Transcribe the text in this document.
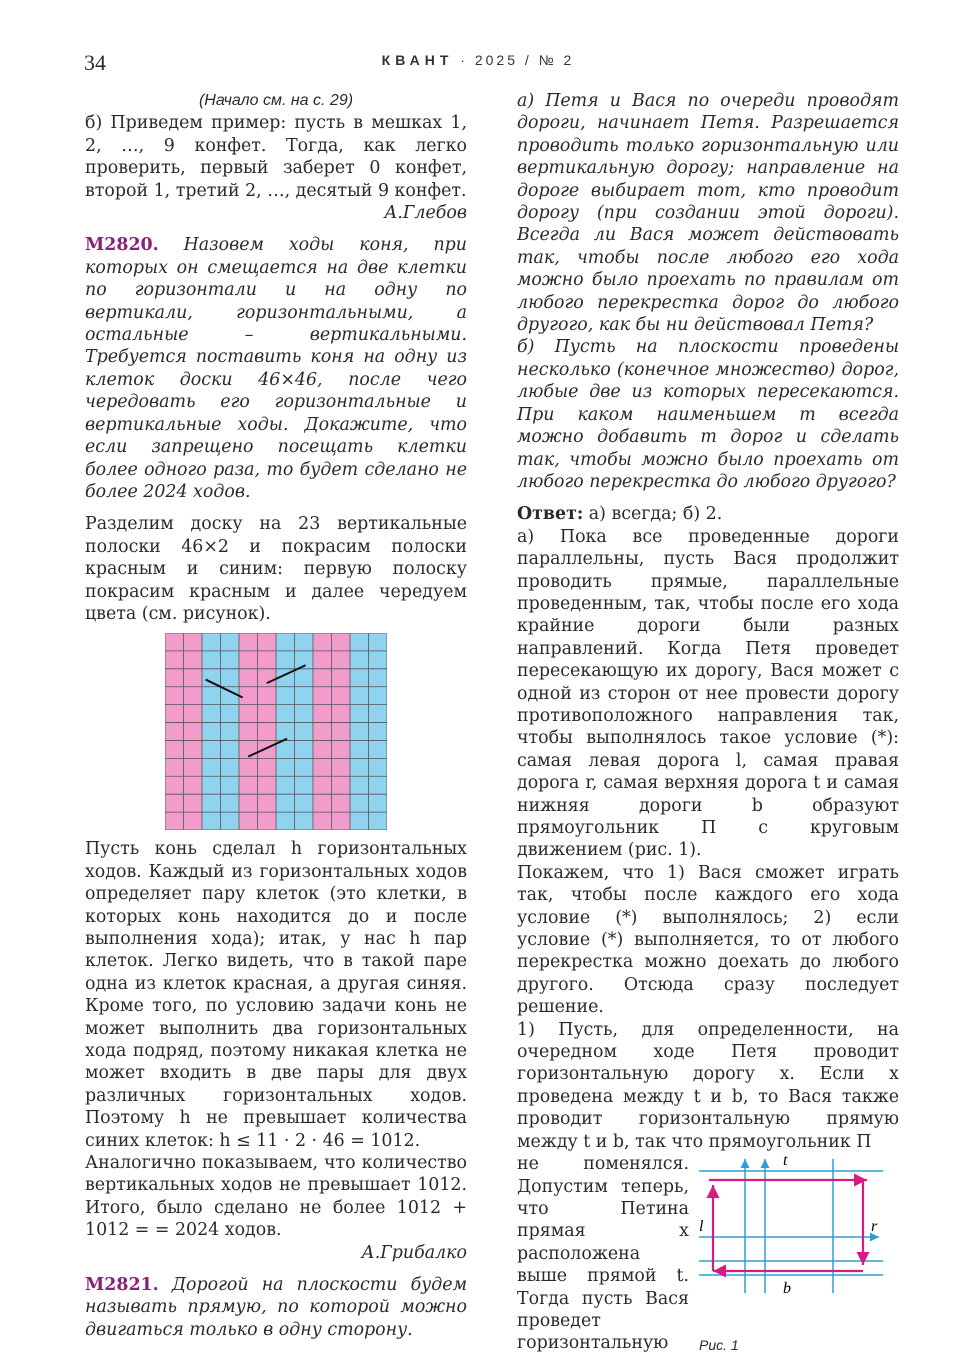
34	КВАНТ · 2025 / № 2

(Начало см. на с. 29)

б) Приведем пример: пусть в мешках 1, 2, …, 9 конфет. Тогда, как легко проверить, первый заберет 0 конфет, второй 1, третий 2, …, десятый 9 конфет.

А.Глебов

М2820. Назовем ходы коня, при которых он смещается на две клетки по горизонтали и на одну по вертикали, горизонтальными, а остальные – вертикальными. Требуется поставить коня на одну из клеток доски 46×46, после чего чередовать его горизонтальные и вертикальные ходы. Докажите, что если запрещено посещать клетки более одного раза, то будет сделано не более 2024 ходов.

Разделим доску на 23 вертикальные полоски 46×2 и покрасим полоски красным и синим: первую полоску покрасим красным и далее чередуем цвета (см. рисунок).

Пусть конь сделал h горизонтальных ходов. Каждый из горизонтальных ходов определяет пару клеток (это клетки, в которых конь находится до и после выполнения хода); итак, у нас h пар клеток. Легко видеть, что в такой паре одна из клеток красная, а другая синяя. Кроме того, по условию задачи конь не может выполнить два горизонтальных хода подряд, поэтому никакая клетка не может входить в две пары для двух различных горизонтальных ходов. Поэтому h не превышает количества синих клеток: h ≤ 11 · 2 · 46 = 1012.

Аналогично показываем, что количество вертикальных ходов не превышает 1012. Итого, было сделано не более 1012 + 1012 = = 2024 ходов.

А.Грибалко

М2821. Дорогой на плоскости будем называть прямую, по которой можно двигаться только в одну сторону.

а) Петя и Вася по очереди проводят дороги, начинает Петя. Разрешается проводить только горизонтальную или вертикальную дорогу; направление на дороге выбирает тот, кто проводит дорогу (при создании этой дороги). Всегда ли Вася может действовать так, чтобы после любого его хода можно было проехать по правилам от любого перекрестка дорог до любого другого, как бы ни действовал Петя?

б) Пусть на плоскости проведены несколько (конечное множество) дорог, любые две из которых пересекаются. При каком наименьшем m всегда можно добавить m дорог и сделать так, чтобы можно было проехать от любого перекрестка до любого другого?

Ответ: а) всегда; б) 2.

а) Пока все проведенные дороги параллельны, пусть Вася продолжит проводить прямые, параллельные проведенным, так, чтобы после его хода крайние дороги были разных направлений. Когда Петя проведет пересекающую их дорогу, Вася может с одной из сторон от нее провести дорогу противоположного направления так, чтобы выполнялось такое условие (*): самая левая дорога l, самая правая дорога r, самая верхняя дорога t и самая нижняя дороги b образуют прямоугольник Π с круговым движением (рис. 1).

Покажем, что 1) Вася сможет играть так, чтобы после каждого его хода условие (*) выполнялось; 2) если условие (*) выполняется, то от любого перекрестка можно доехать до любого другого. Отсюда сразу последует решение.

1) Пусть, для определенности, на очередном ходе Петя проводит горизонтальную дорогу x. Если x проведена между t и b, то Вася также проводит горизонтальную прямую между t и b, так что прямоугольник Π

не поменялся. Допустим теперь, что Петина прямая x расположена выше прямой t. Тогда пусть Вася проведет горизонтальную

t
b
l	r
Рис. 1
